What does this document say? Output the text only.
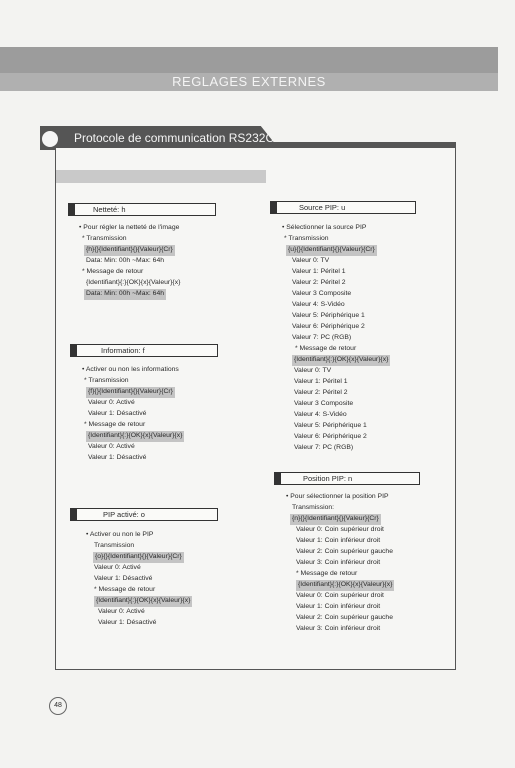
REGLAGES EXTERNES
Protocole de communication RS232C
Netteté: h
• Pour régler la netteté de l'image
* Transmission
{h}{}{Identifiant}{}{Valeur}{Cr}
Data: Min: 00h ~Max: 64h
* Message de retour
{Identifiant}{:}{OK}{x}{Valeur}{x}
Data: Min: 00h ~Max: 64h
Information: f
• Activer ou non les informations
* Transmission
{f}{}{Identifiant}{}{Valeur}{Cr}
Valeur 0: Activé
Valeur 1: Désactivé
* Message de retour
{Identifiant}{:}{OK}{x}{Valeur}{x}
Valeur 0: Activé
Valeur 1: Désactivé
PIP activé: o
• Activer ou non le PIP
Transmission
{o}{}{Identifiant}{}{Valeur}{Cr}
Valeur 0: Activé
Valeur 1: Désactivé
* Message de retour
{Identifiant}{:}{OK}{x}{Valeur}{x}
Valeur 0: Activé
Valeur 1: Désactivé
Source PIP: u
• Sélectionner la source PIP
* Transmission
{u}{}{Identifiant}{}{Valeur}{Cr}
Valeur 0: TV
Valeur 1: Péritel 1
Valeur 2: Péritel 2
Valeur 3 Composite
Valeur 4: S-Vidéo
Valeur 5: Périphérique 1
Valeur 6: Périphérique 2
Valeur 7: PC (RGB)
* Message de retour
{Identifiant}{:}{OK}{x}{Valeur}{x}
Valeur 0: TV
Valeur 1: Péritel 1
Valeur 2: Péritel 2
Valeur 3 Composite
Valeur 4: S-Vidéo
Valeur 5: Périphérique 1
Valeur 6: Périphérique 2
Valeur 7: PC (RGB)
Position PIP: n
• Pour sélectionner la position PIP
Transmission:
{n}{}{Identifiant}{}{Valeur}{Cr}
Valeur 0: Coin supérieur droit
Valeur 1: Coin inférieur droit
Valeur 2: Coin supérieur gauche
Valeur 3: Coin inférieur droit
* Message de retour
{Identifiant}{:}{OK}{x}{Valeur}{x}
Valeur 0: Coin supérieur droit
Valeur 1: Coin inférieur droit
Valeur 2: Coin supérieur gauche
Valeur 3: Coin inférieur droit
48
